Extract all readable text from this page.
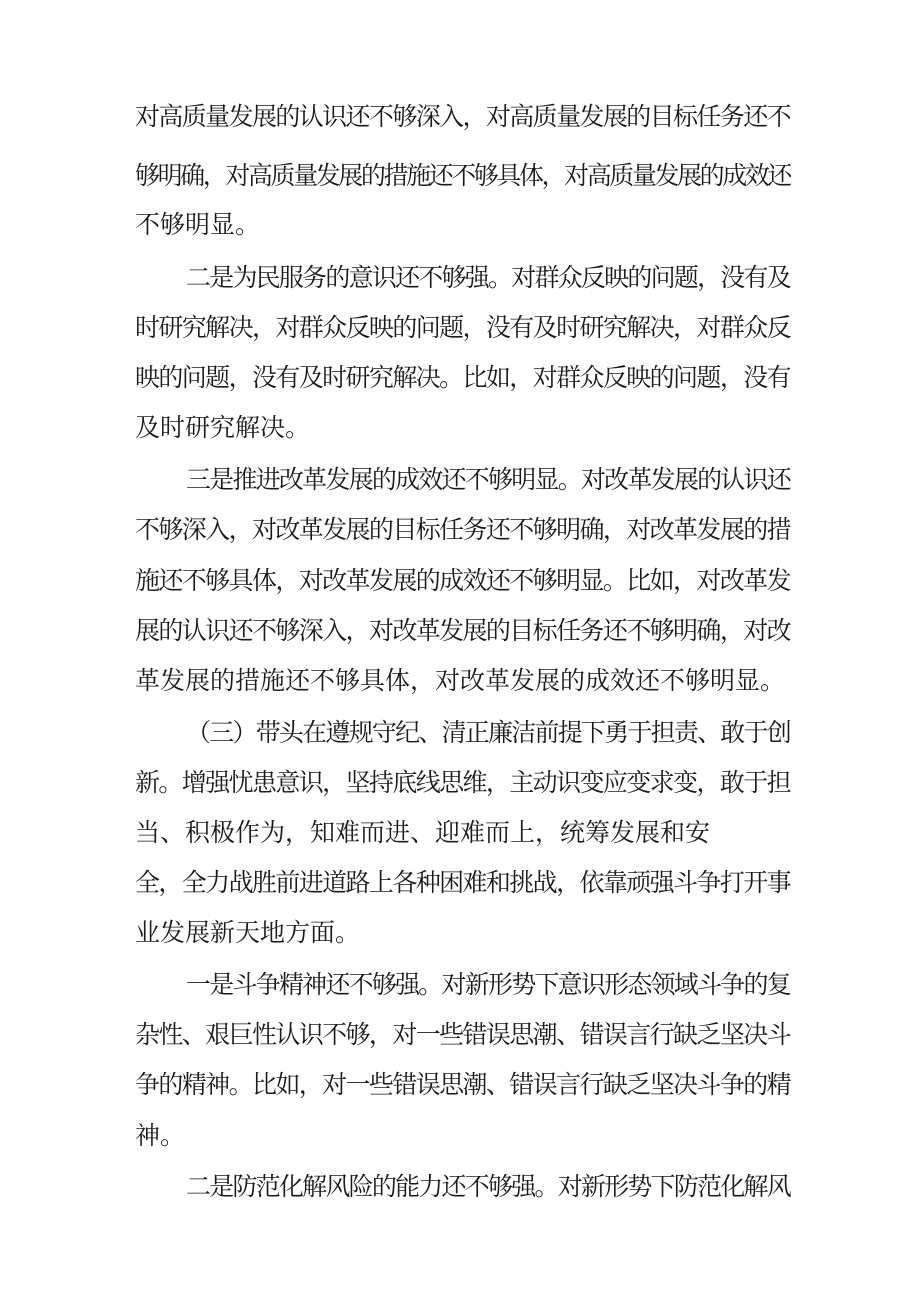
对高质量发展的认识还不够深入，对高质量发展的目标任务还不
够明确，对高质量发展的措施还不够具体，对高质量发展的成效还
不够明显。
二是为民服务的意识还不够强。对群众反映的问题，没有及
时研究解决，对群众反映的问题，没有及时研究解决，对群众反
映的问题，没有及时研究解决。比如，对群众反映的问题，没有
及时研究解决。
三是推进改革发展的成效还不够明显。对改革发展的认识还
不够深入，对改革发展的目标任务还不够明确，对改革发展的措
施还不够具体，对改革发展的成效还不够明显。比如，对改革发
展的认识还不够深入，对改革发展的目标任务还不够明确，对改
革发展的措施还不够具体，对改革发展的成效还不够明显。
（三）带头在遵规守纪、清正廉洁前提下勇于担责、敢于创
新。增强忧患意识，坚持底线思维，主动识变应变求变，敢于担
当、积极作为，知难而进、迎难而上，统筹发展和安
全，全力战胜前进道路上各种困难和挑战，依靠顽强斗争打开事
业发展新天地方面。
一是斗争精神还不够强。对新形势下意识形态领域斗争的复
杂性、艰巨性认识不够，对一些错误思潮、错误言行缺乏坚决斗
争的精神。比如，对一些错误思潮、错误言行缺乏坚决斗争的精
神。
二是防范化解风险的能力还不够强。对新形势下防范化解风
